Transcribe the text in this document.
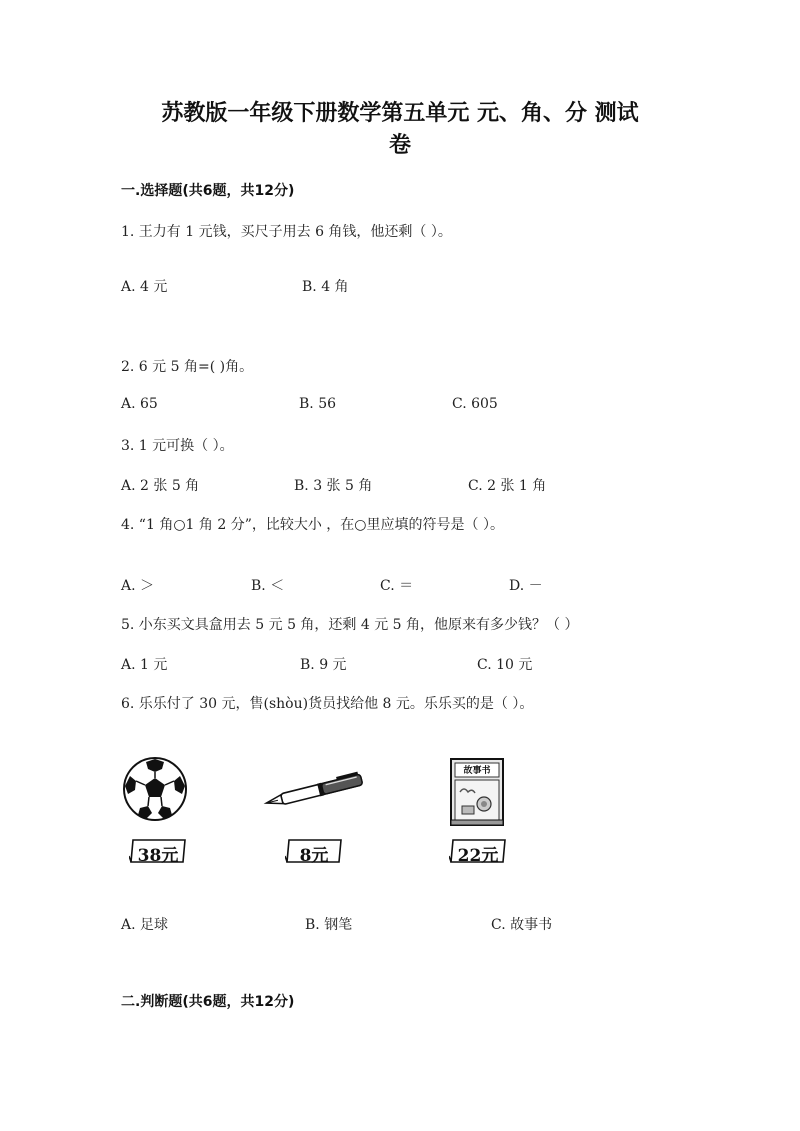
苏教版一年级下册数学第五单元 元、角、分 测试
卷
一.选择题(共6题，共12分)
1. 王力有 1 元钱，买尺子用去 6 角钱，他还剩（ ）。
A. 4 元	B. 4 角
2. 6 元 5 角=( )角。
A. 65	B. 56	C. 605
3. 1 元可换（ ）。
A. 2 张 5 角	B. 3 张 5 角	C. 2 张 1 角
4. “1 角○1 角 2 分”，比较大小 ，在○里应填的符号是（ ）。
A. ＞	B. ＜	C. ＝	D. －
5. 小东买文具盒用去 5 元 5 角，还剩 4 元 5 角，他原来有多少钱？（ ）
A. 1 元	B. 9 元	C. 10 元
6. 乐乐付了 30 元，售(shòu)货员找给他 8 元。乐乐买的是（ ）。
故事书
38元	8元	22元
A. 足球	B. 钢笔	C. 故事书
二.判断题(共6题，共12分)
